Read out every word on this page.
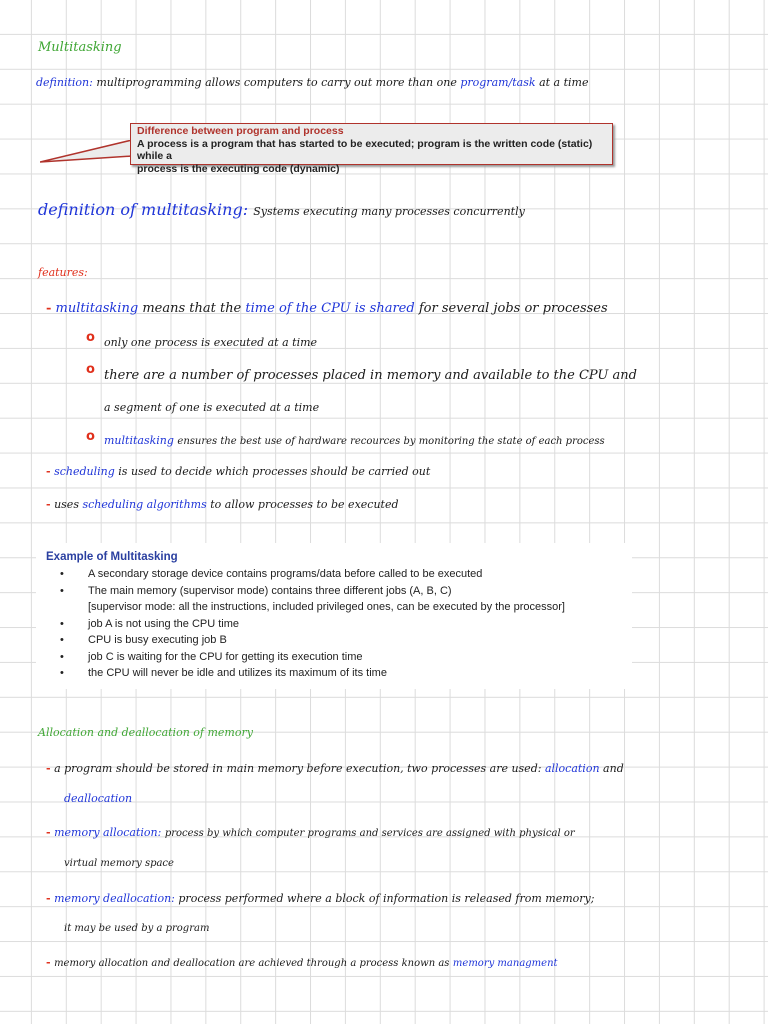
Multitasking
definition: multiprogramming allows computers to carry out more than one program/task at a time
Difference between program and process
A process is a program that has started to be executed; program is the written code (static) while a
process is the executing code (dynamic)
definition of multitasking: Systems executing many processes concurrently
features:
- multitasking means that the time of the CPU is shared for several jobs or processes
o only one process is executed at a time
o there are a number of processes placed in memory and available to the CPU and
a segment of one is executed at a time
o multitasking ensures the best use of hardware recources by monitoring the state of each process
- scheduling is used to decide which processes should be carried out
- uses scheduling algorithms to allow processes to be executed
Example of Multitasking
• A secondary storage device contains programs/data before called to be executed
• The main memory (supervisor mode) contains three different jobs (A, B, C)
[supervisor mode: all the instructions, included privileged ones, can be executed by the processor]
• job A is not using the CPU time
• CPU is busy executing job B
• job C is waiting for the CPU for getting its execution time
• the CPU will never be idle and utilizes its maximum of its time
Allocation and deallocation of memory
- a program should be stored in main memory before execution, two processes are used: allocation and
deallocation
- memory allocation: process by which computer programs and services are assigned with physical or
virtual memory space
- memory deallocation: process performed where a block of information is released from memory;
it may be used by a program
- memory allocation and deallocation are achieved through a process known as memory managment
